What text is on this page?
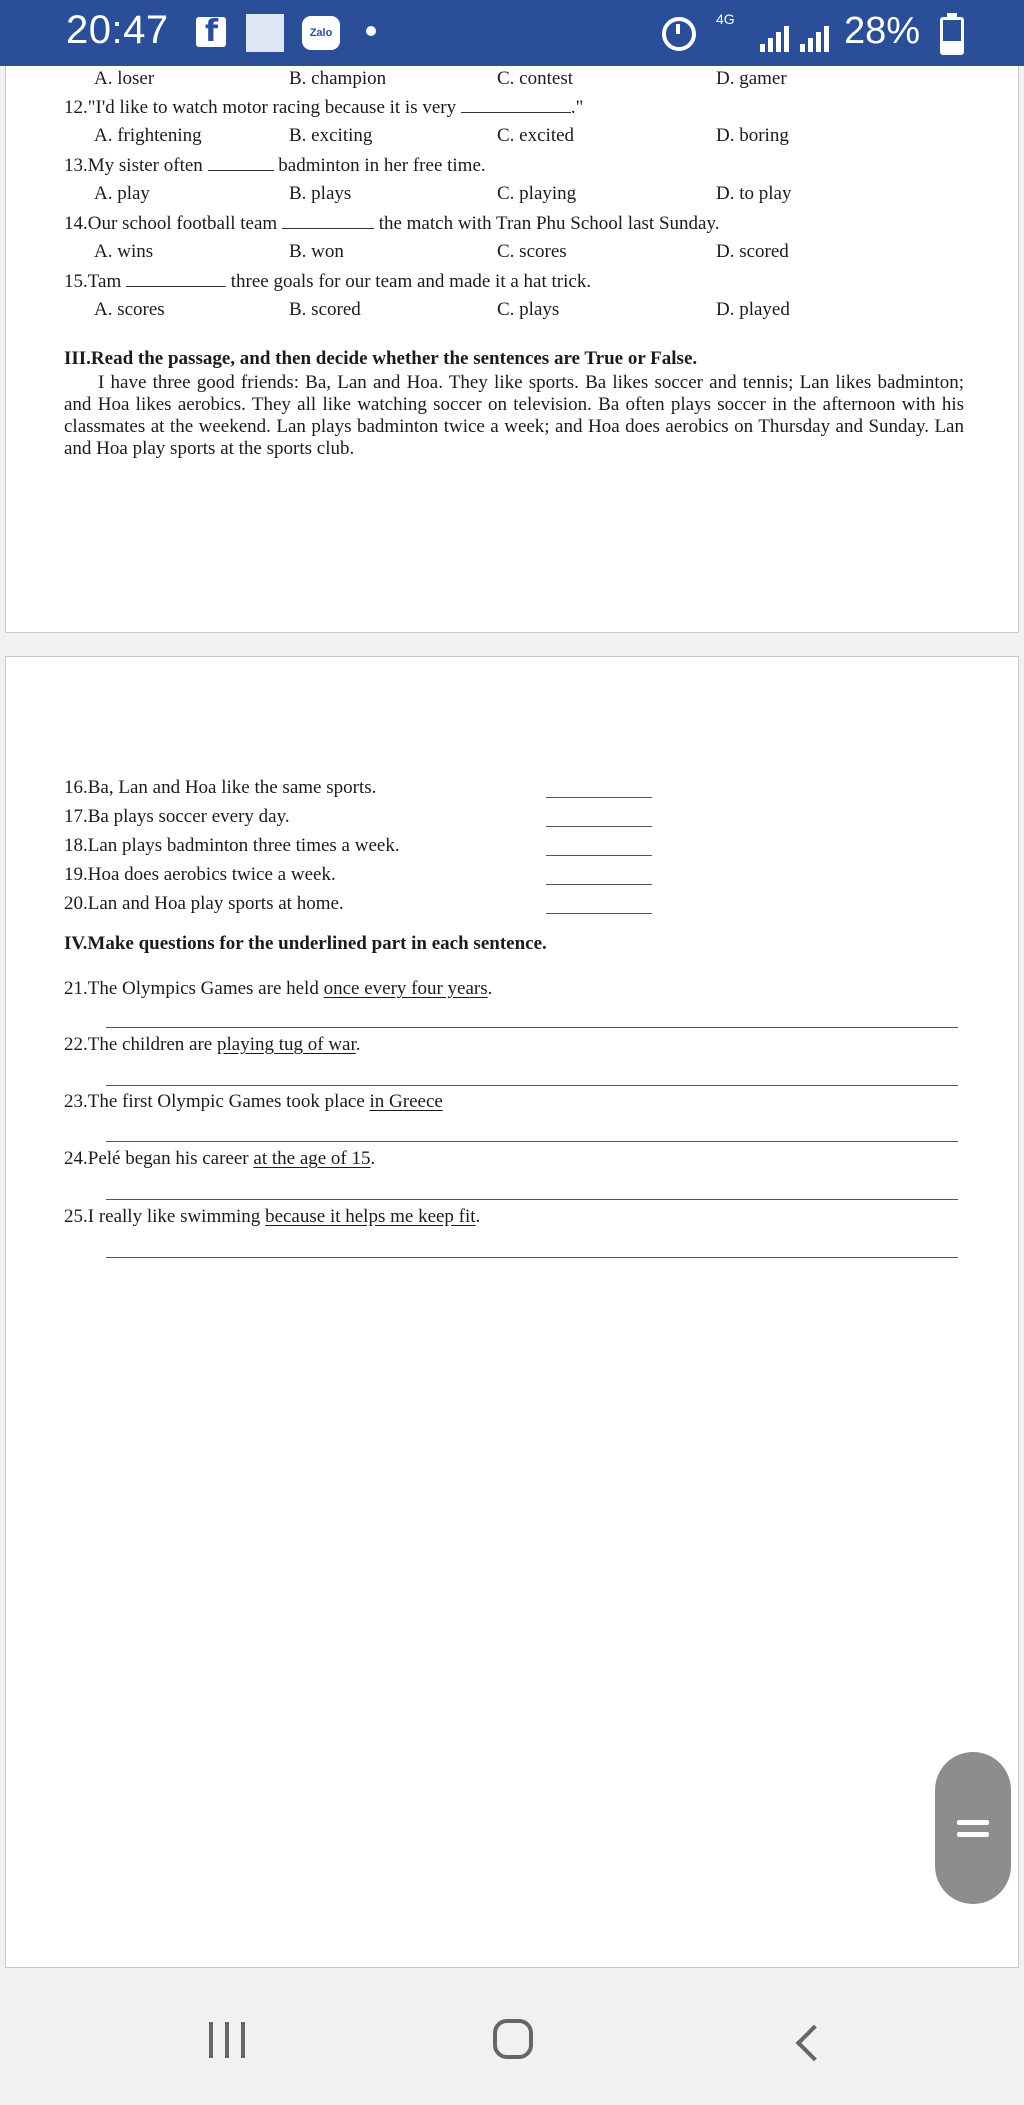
20:47
f	Zalo
4G	28%
A. loser	B. champion	C. contest	D. gamer
12."I'd like to watch motor racing because it is very	."
A. frightening	B. exciting	C. excited	D. boring
13.My sister often	badminton in her free time.
A. play	B. plays	C. playing	D. to play
14.Our school football team	the match with Tran Phu School last Sunday.
A. wins	B. won	C. scores	D. scored
15.Tam	three goals for our team and made it a hat trick.
A. scores	B. scored	C. plays	D. played
III.Read the passage, and then decide whether the sentences are True or False.
I have three good friends: Ba, Lan and Hoa. They like sports. Ba likes soccer and tennis; Lan likes badminton; and Hoa likes aerobics. They all like watching soccer on television. Ba often plays soccer in the afternoon with his classmates at the weekend. Lan plays badminton twice a week; and Hoa does aerobics on Thursday and Sunday. Lan and Hoa play sports at the sports club.
16.Ba, Lan and Hoa like the same sports.
17.Ba plays soccer every day.
18.Lan plays badminton three times a week.
19.Hoa does aerobics twice a week.
20.Lan and Hoa play sports at home.
IV.Make questions for the underlined part in each sentence.
21.The Olympics Games are held once every four years.
22.The children are playing tug of war.
23.The first Olympic Games took place in Greece
24.Pelé began his career at the age of 15.
25.I really like swimming because it helps me keep fit.
